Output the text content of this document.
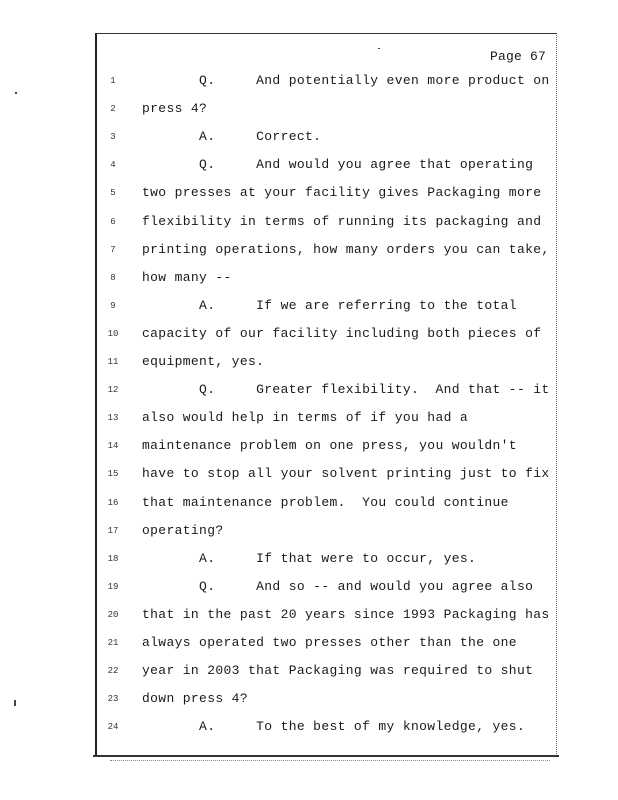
Page 67
1	Q.     And potentially even more product on
2	press 4?
3	A.     Correct.
4	Q.     And would you agree that operating
5	two presses at your facility gives Packaging more
6	flexibility in terms of running its packaging and
7	printing operations, how many orders you can take,
8	how many --
9	A.     If we are referring to the total
10	capacity of our facility including both pieces of
11	equipment, yes.
12	Q.     Greater flexibility.  And that -- it
13	also would help in terms of if you had a
14	maintenance problem on one press, you wouldn't
15	have to stop all your solvent printing just to fix
16	that maintenance problem.  You could continue
17	operating?
18	A.     If that were to occur, yes.
19	Q.     And so -- and would you agree also
20	that in the past 20 years since 1993 Packaging has
21	always operated two presses other than the one
22	year in 2003 that Packaging was required to shut
23	down press 4?
24	A.     To the best of my knowledge, yes.
